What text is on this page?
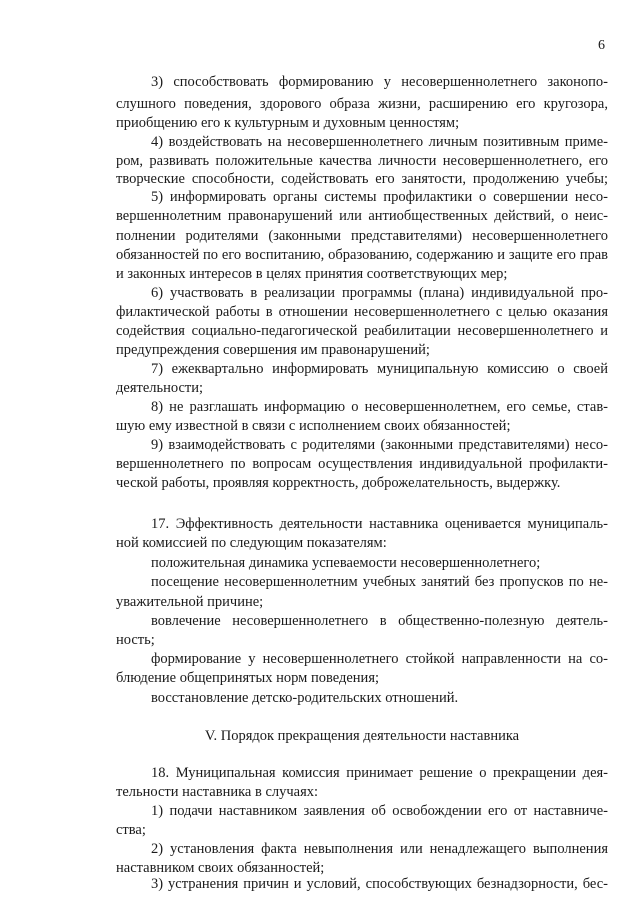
6
3) способствовать формированию у несовершеннолетнего законопо-
слушного поведения, здорового образа жизни, расширению его кругозора,
приобщению его к культурным и духовным ценностям;
4) воздействовать на несовершеннолетнего личным позитивным приме-
ром, развивать положительные качества личности несовершеннолетнего, его
творческие способности, содействовать его занятости, продолжению учебы;
5) информировать органы системы профилактики о совершении несо-
вершеннолетним правонарушений или антиобщественных действий, о неис-
полнении родителями (законными представителями) несовершеннолетнего
обязанностей по его воспитанию, образованию, содержанию и защите его прав
и законных интересов в целях принятия соответствующих мер;
6) участвовать в реализации программы (плана) индивидуальной про-
филактической работы в отношении несовершеннолетнего с целью оказания
содействия социально-педагогической реабилитации несовершеннолетнего и
предупреждения совершения им правонарушений;
7) ежеквартально информировать муниципальную комиссию о своей
деятельности;
8) не разглашать информацию о несовершеннолетнем, его семье, став-
шую ему известной в связи с исполнением своих обязанностей;
9) взаимодействовать с родителями (законными представителями) несо-
вершеннолетнего по вопросам осуществления индивидуальной профилакти-
ческой работы, проявляя корректность, доброжелательность, выдержку.
17. Эффективность деятельности наставника оценивается муниципаль-
ной комиссией по следующим показателям:
положительная динамика успеваемости несовершеннолетнего;
посещение несовершеннолетним учебных занятий без пропусков по не-
уважительной причине;
вовлечение несовершеннолетнего в общественно-полезную деятель-
ность;
формирование у несовершеннолетнего стойкой направленности на со-
блюдение общепринятых норм поведения;
восстановление детско-родительских отношений.
V. Порядок прекращения деятельности наставника
18. Муниципальная комиссия принимает решение о прекращении дея-
тельности наставника в случаях:
1) подачи наставником заявления об освобождении его от наставниче-
ства;
2) установления факта невыполнения или ненадлежащего выполнения
наставником своих обязанностей;
3) устранения причин и условий, способствующих безнадзорности, бес-
